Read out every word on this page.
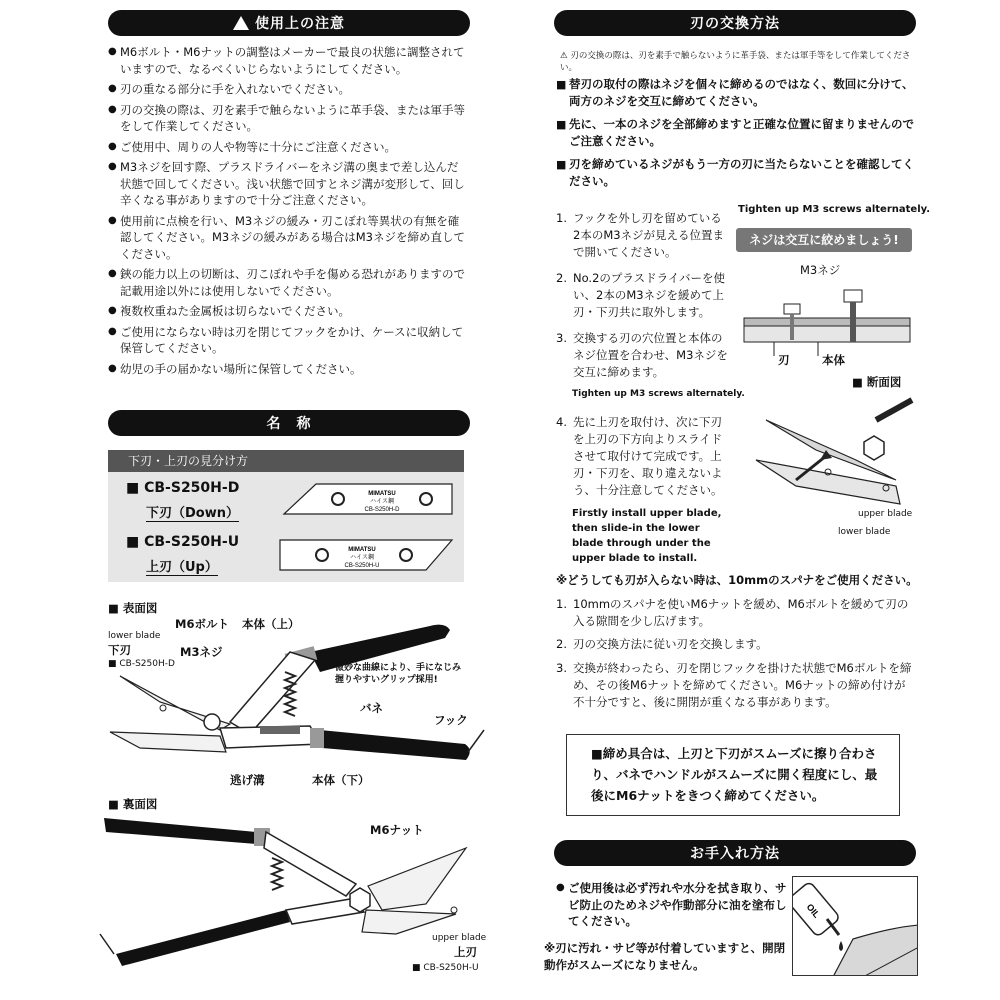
使用上の注意
● M6ボルト・M6ナットの調整はメーカーで最良の状態に調整されていますので、なるべくいじらないようにしてください。
● 刃の重なる部分に手を入れないでください。
● 刃の交換の際は、刃を素手で触らないように革手袋、または軍手等をして作業してください。
● ご使用中、周りの人や物等に十分にご注意ください。
● M3ネジを回す際、プラスドライバーをネジ溝の奥まで差し込んだ状態で回してください。浅い状態で回すとネジ溝が変形して、回し辛くなる事がありますので十分ご注意ください。
● 使用前に点検を行い、M3ネジの緩み・刃こぼれ等異状の有無を確認してください。M3ネジの緩みがある場合はM3ネジを締め直してください。
● 鋏の能力以上の切断は、刃こぼれや手を傷める恐れがありますので記載用途以外には使用しないでください。
● 複数枚重ねた金属板は切らないでください。
● ご使用にならない時は刃を閉じてフックをかけ、ケースに収納して保管してください。
● 幼児の手の届かない場所に保管してください。
名　称
下刃・上刃の見分け方
■ CB-S250H-D
下刃（Down）
■ CB-S250H-U
上刃（Up）
MIMATSU
ハイス鋼
CB-S250H-D
MIMATSU
ハイス鋼
CB-S250H-U
■ 表面図
lower blade
下刃
■ CB-S250H-D
M6ボルト 本体（上）
M3ネジ
微妙な曲線により、手になじみ握りやすいグリップ採用!
バネ
フック
逃げ溝	本体（下）
■ 裏面図
M6ナット
upper blade
上刃
■ CB-S250H-U
刃の交換方法
⚠ 刃の交換の際は、刃を素手で触らないように革手袋、または軍手等をして作業してください。
■ 替刃の取付の際はネジを個々に締めるのではなく、数回に分けて、両方のネジを交互に締めてください。
■ 先に、一本のネジを全部締めますと正確な位置に留まりませんのでご注意ください。
■ 刃を締めているネジがもう一方の刃に当たらないことを確認してください。
1. フックを外し刃を留めている2本のM3ネジが見える位置まで開いてください。
2. No.2のプラスドライバーを使い、2本のM3ネジを緩めて上刃・下刃共に取外します。
3. 交換する刃の穴位置と本体のネジ位置を合わせ、M3ネジを交互に締めます。
Tighten up M3 screws alternately.
Tighten up M3 screws alternately.
ネジは交互に絞めましょう!
M3ネジ
刃	本体
■ 断面図
4. 先に上刃を取付け、次に下刃を上刃の下方向よりスライドさせて取付けて完成です。上刃・下刃を、取り違えないよう、十分注意してください。
Firstly install upper blade, then slide-in the lower blade through under the upper blade to install.
upper blade
lower blade
※どうしても刃が入らない時は、10mmのスパナをご使用ください。
1. 10mmのスパナを使いM6ナットを緩め、M6ボルトを緩めて刃の入る隙間を少し広げます。
2. 刃の交換方法に従い刃を交換します。
3. 交換が終わったら、刃を閉じフックを掛けた状態でM6ボルトを締め、その後M6ナットを締めてください。M6ナットの締め付けが不十分ですと、後に開閉が重くなる事があります。
■締め具合は、上刃と下刃がスムーズに擦り合わさり、バネでハンドルがスムーズに開く程度にし、最後にM6ナットをきつく締めてください。
お手入れ方法
● ご使用後は必ず汚れや水分を拭き取り、サビ防止のためネジや作動部分に油を塗布してください。
※刃に汚れ・サビ等が付着していますと、開閉動作がスムーズになりません。
OIL
